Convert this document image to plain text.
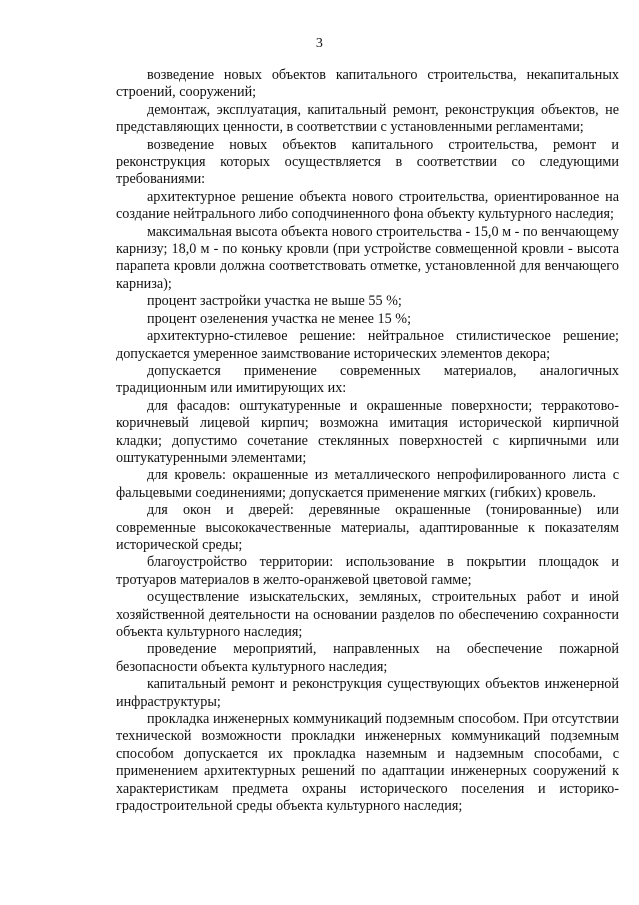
3

возведение новых объектов капитального строительства, некапитальных строений, сооружений;

демонтаж, эксплуатация, капитальный ремонт, реконструкция объектов, не представляющих ценности, в соответствии с установленными регламентами;

возведение новых объектов капитального строительства, ремонт и реконструкция которых осуществляется в соответствии со следующими требованиями:

архитектурное решение объекта нового строительства, ориентированное на создание нейтрального либо соподчиненного фона объекту культурного наследия;

максимальная высота объекта нового строительства - 15,0 м - по венчающему карнизу; 18,0 м - по коньку кровли (при устройстве совмещенной кровли - высота парапета кровли должна соответствовать отметке, установленной для венчающего карниза);

процент застройки участка не выше 55 %;

процент озеленения участка не менее 15 %;

архитектурно-стилевое решение: нейтральное стилистическое решение; допускается умеренное заимствование исторических элементов декора;

допускается применение современных материалов, аналогичных традиционным или имитирующих их:

для фасадов: оштукатуренные и окрашенные поверхности; терракотово-коричневый лицевой кирпич; возможна имитация исторической кирпичной кладки; допустимо сочетание стеклянных поверхностей с кирпичными или оштукатуренными элементами;

для кровель: окрашенные из металлического непрофилированного листа с фальцевыми соединениями; допускается применение мягких (гибких) кровель.

для окон и дверей: деревянные окрашенные (тонированные) или современные высококачественные материалы, адаптированные к показателям исторической среды;

благоустройство территории: использование в покрытии площадок и тротуаров материалов в желто-оранжевой цветовой гамме;

осуществление изыскательских, земляных, строительных работ и иной хозяйственной деятельности на основании разделов по обеспечению сохранности объекта культурного наследия;

проведение мероприятий, направленных на обеспечение пожарной безопасности объекта культурного наследия;

капитальный ремонт и реконструкция существующих объектов инженерной инфраструктуры;

прокладка инженерных коммуникаций подземным способом. При отсутствии технической возможности прокладки инженерных коммуникаций подземным способом допускается их прокладка наземным и надземным способами, с применением архитектурных решений по адаптации инженерных сооружений к характеристикам предмета охраны исторического поселения и историко-градостроительной среды объекта культурного наследия;
